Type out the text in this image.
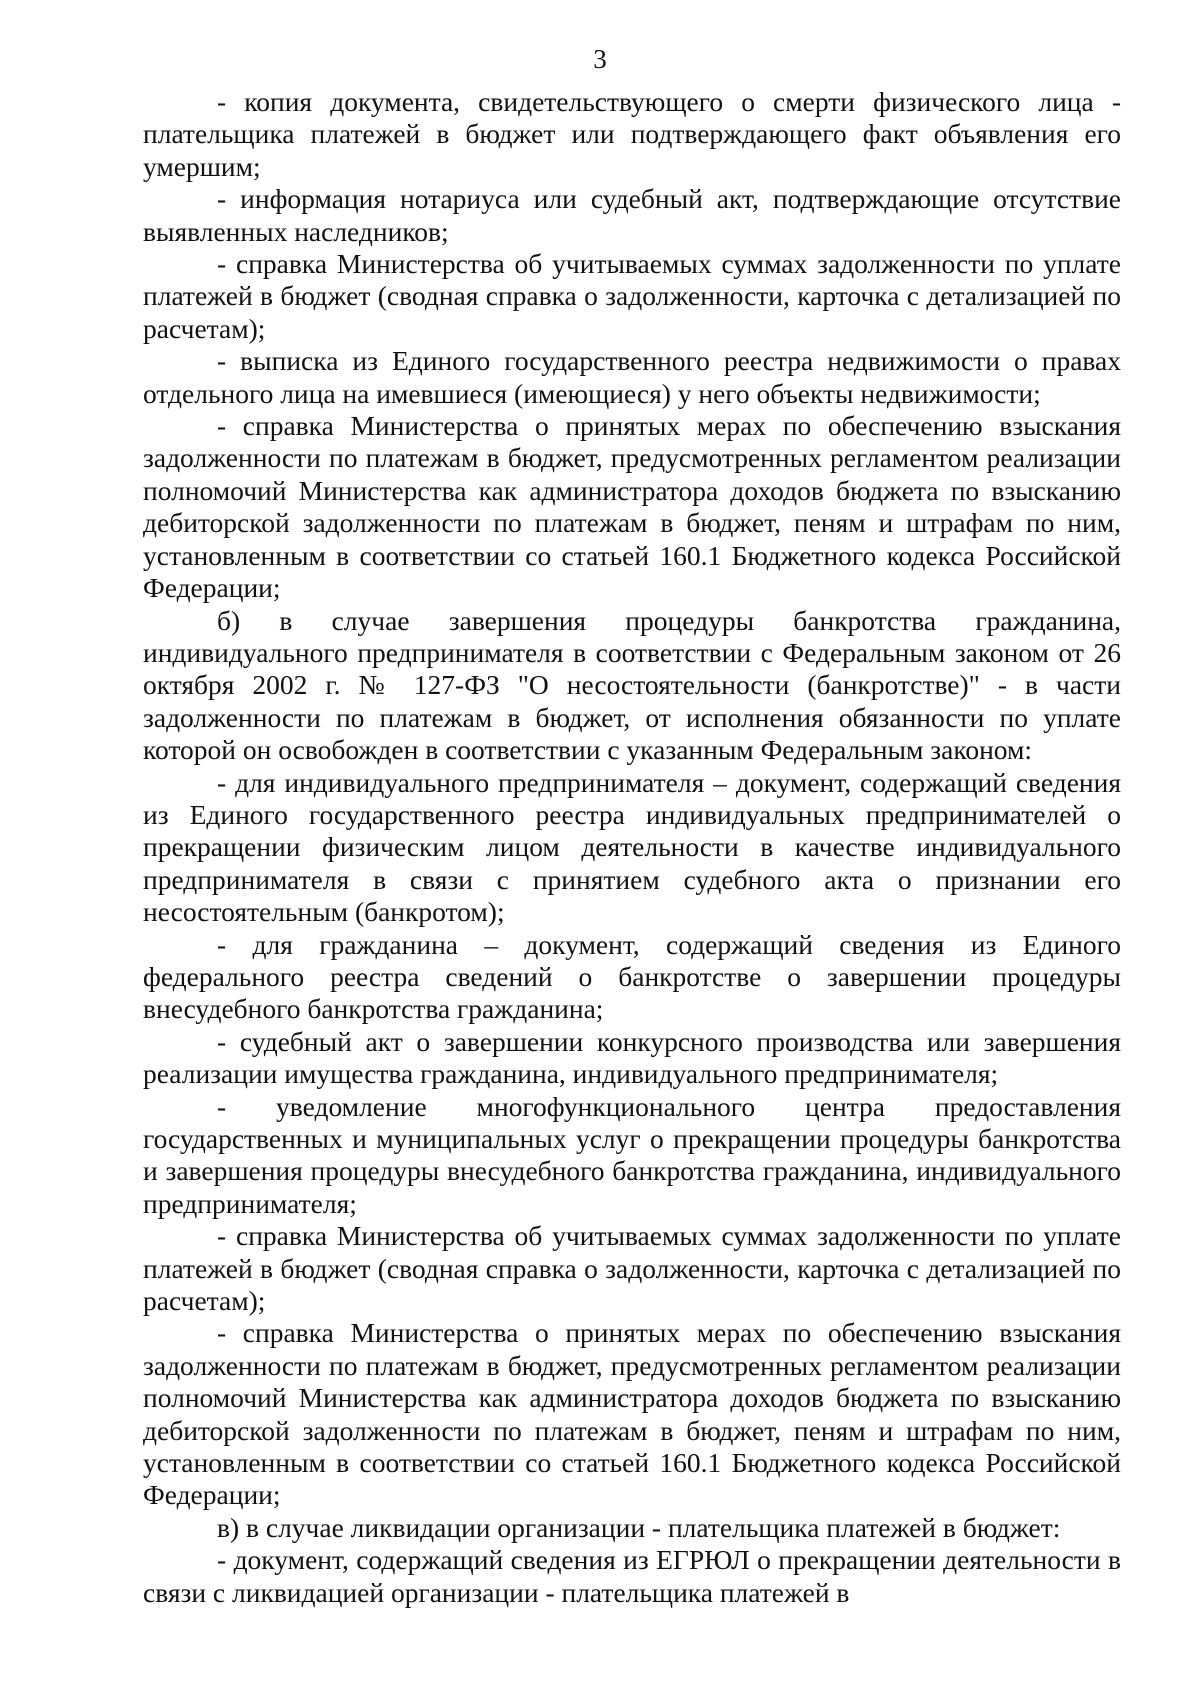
3

- копия документа, свидетельствующего о смерти физического лица - плательщика платежей в бюджет или подтверждающего факт объявления его умершим;

- информация нотариуса или судебный акт, подтверждающие отсутствие выявленных наследников;

- справка Министерства об учитываемых суммах задолженности по уплате платежей в бюджет (сводная справка о задолженности, карточка с детализацией по расчетам);

- выписка из Единого государственного реестра недвижимости о правах отдельного лица на имевшиеся (имеющиеся) у него объекты недвижимости;

- справка Министерства о принятых мерах по обеспечению взыскания задолженности по платежам в бюджет, предусмотренных регламентом реализации полномочий Министерства как администратора доходов бюджета по взысканию дебиторской задолженности по платежам в бюджет, пеням и штрафам по ним, установленным в соответствии со статьей 160.1 Бюджетного кодекса Российской Федерации;

б) в случае завершения процедуры банкротства гражданина, индивидуального предпринимателя в соответствии с Федеральным законом от 26 октября 2002 г. № 127-ФЗ "О несостоятельности (банкротстве)" - в части задолженности по платежам в бюджет, от исполнения обязанности по уплате которой он освобожден в соответствии с указанным Федеральным законом:

- для индивидуального предпринимателя – документ, содержащий сведения из Единого государственного реестра индивидуальных предпринимателей о прекращении физическим лицом деятельности в качестве индивидуального предпринимателя в связи с принятием судебного акта о признании его несостоятельным (банкротом);

- для гражданина – документ, содержащий сведения из Единого федерального реестра сведений о банкротстве о завершении процедуры внесудебного банкротства гражданина;

- судебный акт о завершении конкурсного производства или завершения реализации имущества гражданина, индивидуального предпринимателя;

- уведомление многофункционального центра предоставления государственных и муниципальных услуг о прекращении процедуры банкротства и завершения процедуры внесудебного банкротства гражданина, индивидуального предпринимателя;

- справка Министерства об учитываемых суммах задолженности по уплате платежей в бюджет (сводная справка о задолженности, карточка с детализацией по расчетам);

- справка Министерства о принятых мерах по обеспечению взыскания задолженности по платежам в бюджет, предусмотренных регламентом реализации полномочий Министерства как администратора доходов бюджета по взысканию дебиторской задолженности по платежам в бюджет, пеням и штрафам по ним, установленным в соответствии со статьей 160.1 Бюджетного кодекса Российской Федерации;

в) в случае ликвидации организации - плательщика платежей в бюджет:

- документ, содержащий сведения из ЕГРЮЛ о прекращении деятельности в связи с ликвидацией организации - плательщика платежей в
